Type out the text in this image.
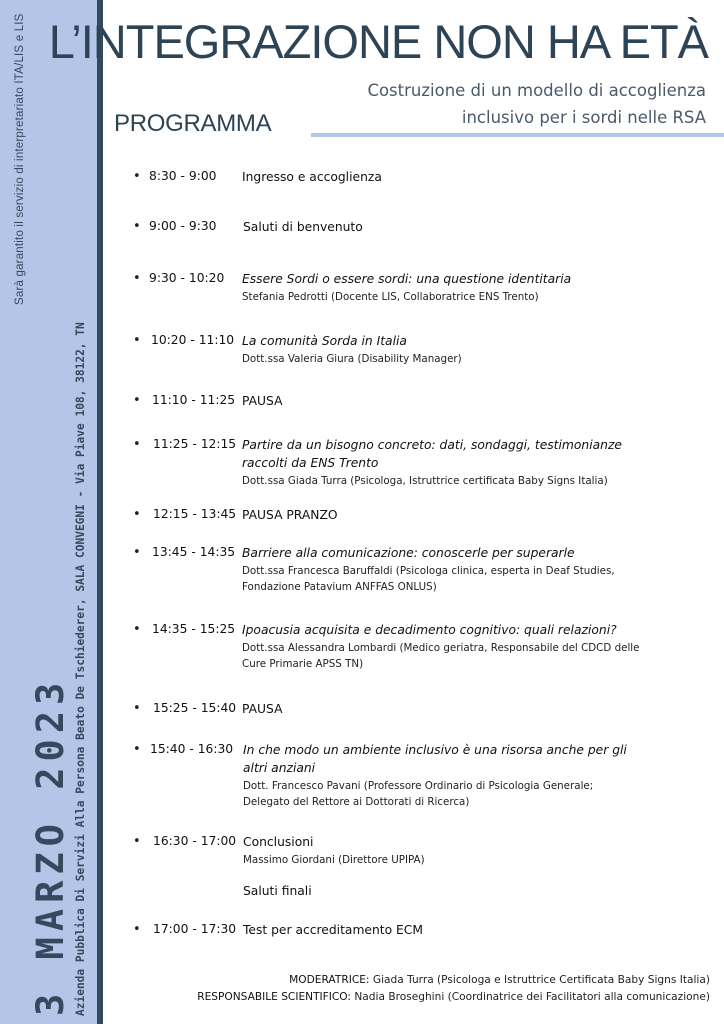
Sarà garantito il servizio di interpretariato ITA/LIS e LIS
3 MARZO 2023 Azienda Pubblica Di Servizi Alla Persona Beato De Tschiederer, SALA CONVEGNI - Via Piave 108, 38122, TN
L’INTEGRAZIONE NON HA ETÀ
Costruzione di un modello di accoglienza
inclusivo per i sordi nelle RSA
PROGRAMMA
• 8:30 - 9:00 Ingresso e accoglienza
• 9:00 - 9:30 Saluti di benvenuto
• 9:30 - 10:20 Essere Sordi o essere sordi: una questione identitaria
Stefania Pedrotti (Docente LIS, Collaboratrice ENS Trento)
• 10:20 - 11:10 La comunità Sorda in Italia
Dott.ssa Valeria Giura (Disability Manager)
• 11:10 - 11:25 PAUSA
• 11:25 - 12:15 Partire da un bisogno concreto: dati, sondaggi, testimonianze raccolti da ENS Trento
Dott.ssa Giada Turra (Psicologa, Istruttrice certificata Baby Signs Italia)
• 12:15 - 13:45 PAUSA PRANZO
• 13:45 - 14:35 Barriere alla comunicazione: conoscerle per superarle
Dott.ssa Francesca Baruffaldi (Psicologa clinica, esperta in Deaf Studies, Fondazione Patavium ANFFAS ONLUS)
• 14:35 - 15:25 Ipoacusia acquisita e decadimento cognitivo: quali relazioni?
Dott.ssa Alessandra Lombardi (Medico geriatra, Responsabile del CDCD delle Cure Primarie APSS TN)
• 15:25 - 15:40 PAUSA
• 15:40 - 16:30 In che modo un ambiente inclusivo è una risorsa anche per gli altri anziani
Dott. Francesco Pavani (Professore Ordinario di Psicologia Generale; Delegato del Rettore ai Dottorati di Ricerca)
• 16:30 - 17:00 Conclusioni
Massimo Giordani (Direttore UPIPA)
Saluti finali
• 17:00 - 17:30 Test per accreditamento ECM
MODERATRICE: Giada Turra (Psicologa e Istruttrice Certificata Baby Signs Italia)
RESPONSABILE SCIENTIFICO: Nadia Broseghini (Coordinatrice dei Facilitatori alla comunicazione)
